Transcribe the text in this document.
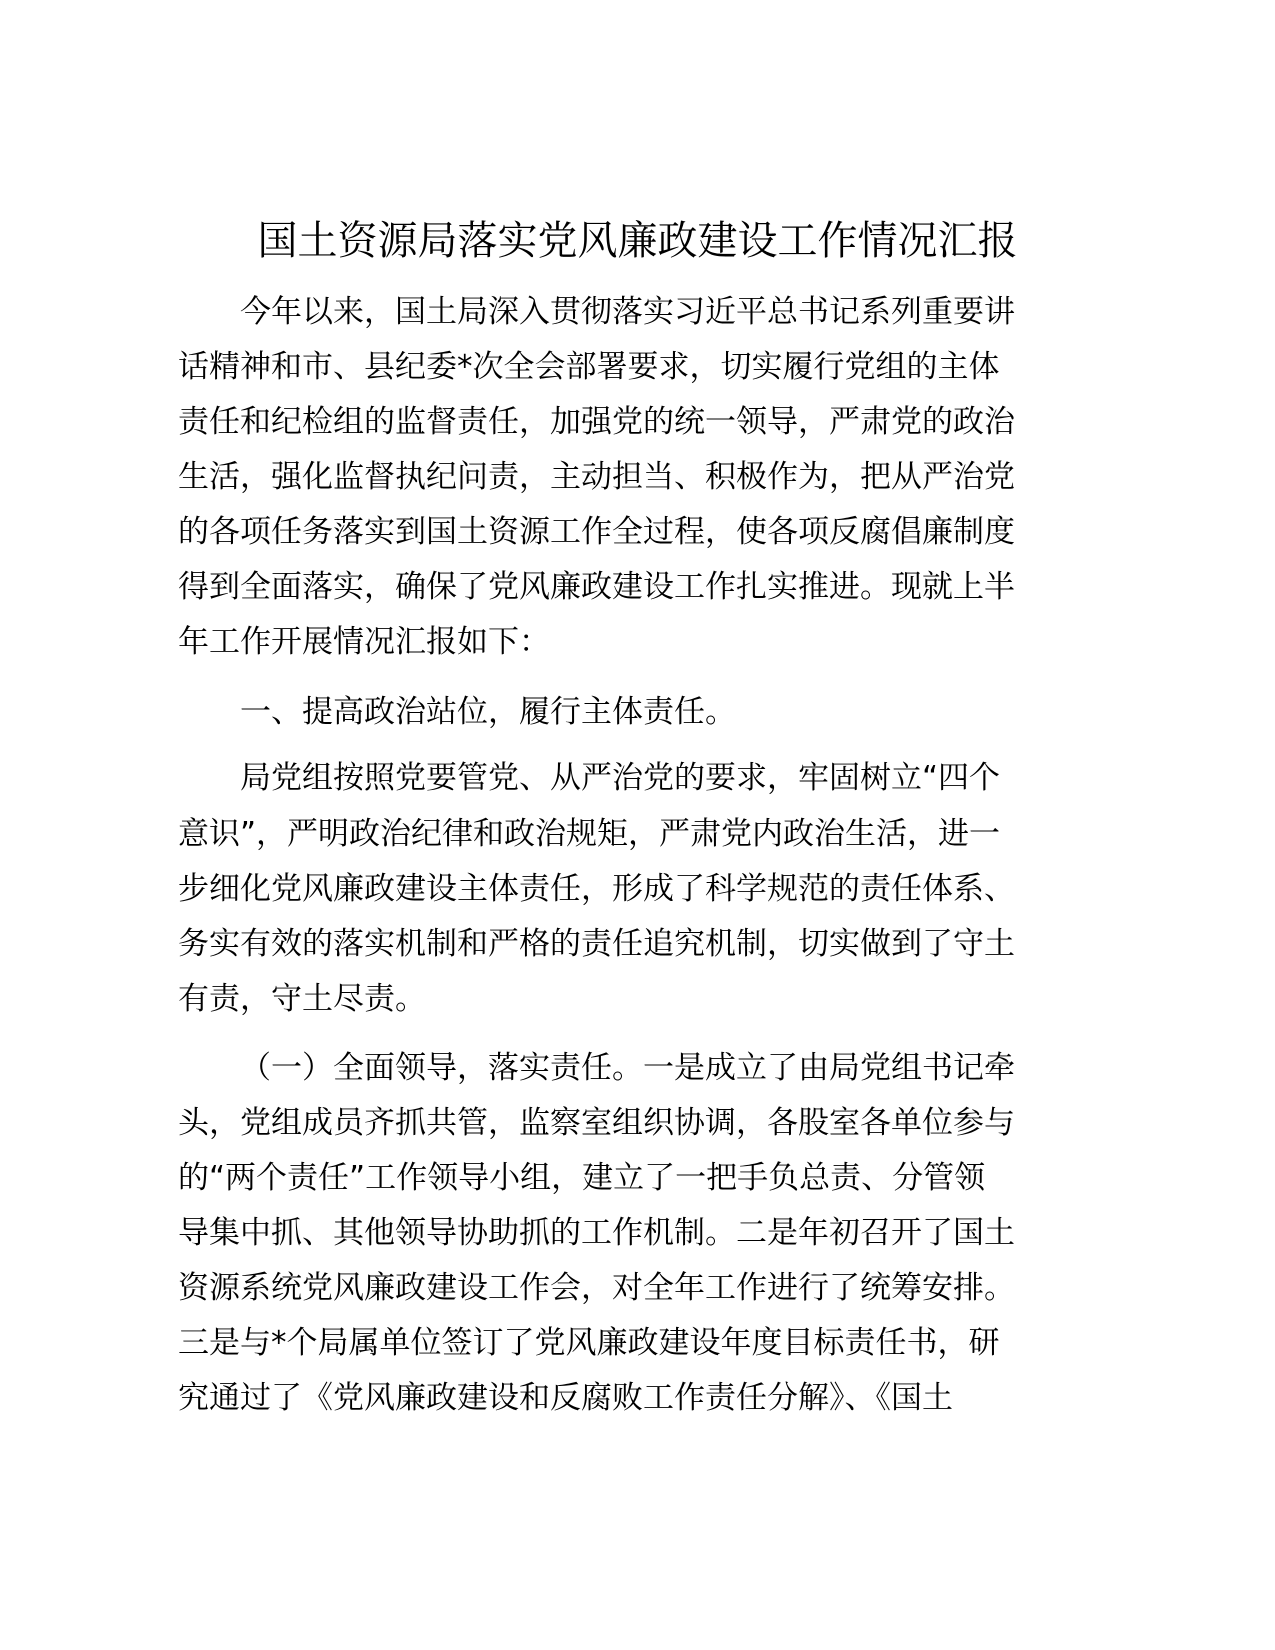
国土资源局落实党风廉政建设工作情况汇报
今年以来，国土局深入贯彻落实习近平总书记系列重要讲
话精神和市、县纪委*次全会部署要求，切实履行党组的主体
责任和纪检组的监督责任，加强党的统一领导，严肃党的政治
生活，强化监督执纪问责，主动担当、积极作为，把从严治党
的各项任务落实到国土资源工作全过程，使各项反腐倡廉制度
得到全面落实，确保了党风廉政建设工作扎实推进。现就上半
年工作开展情况汇报如下：
一、提高政治站位，履行主体责任。
局党组按照党要管党、从严治党的要求，牢固树立“四个
意识”，严明政治纪律和政治规矩，严肃党内政治生活，进一
步细化党风廉政建设主体责任，形成了科学规范的责任体系、
务实有效的落实机制和严格的责任追究机制，切实做到了守土
有责，守土尽责。
（一）全面领导，落实责任。一是成立了由局党组书记牵
头，党组成员齐抓共管，监察室组织协调，各股室各单位参与
的“两个责任”工作领导小组，建立了一把手负总责、分管领
导集中抓、其他领导协助抓的工作机制。二是年初召开了国土
资源系统党风廉政建设工作会，对全年工作进行了统筹安排。
三是与*个局属单位签订了党风廉政建设年度目标责任书，研
究通过了《党风廉政建设和反腐败工作责任分解》、《国土
